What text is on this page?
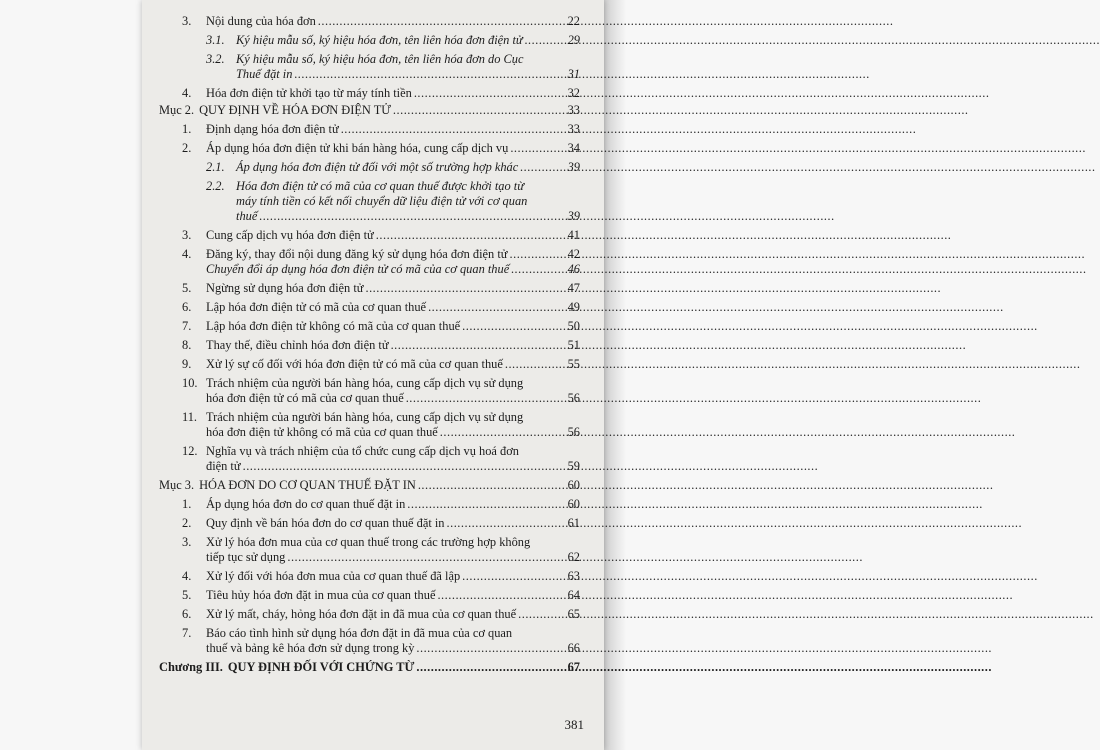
3. Nội dung của hóa đơn .....	22
3.1. Ký hiệu mẫu số, ký hiệu hóa đơn, tên liên hóa đơn điện tử .....	29
3.2. Ký hiệu mẫu số, ký hiệu hóa đơn, tên liên hóa đơn do Cục
Thuế đặt in .....	31
4. Hóa đơn điện tử khởi tạo từ máy tính tiền .....	32
Mục 2. QUY ĐỊNH VỀ HÓA ĐƠN ĐIỆN TỬ .....	33
1. Định dạng hóa đơn điện tử .....	33
2. Áp dụng hóa đơn điện tử khi bán hàng hóa, cung cấp dịch vụ .....	34
2.1. Áp dụng hóa đơn điện tử đối với một số trường hợp khác .....	39
2.2. Hóa đơn điện tử có mã của cơ quan thuế được khởi tạo từ
máy tính tiền có kết nối chuyển dữ liệu điện tử với cơ quan
thuế .....	39
3. Cung cấp dịch vụ hóa đơn điện tử .....	41
4. Đăng ký, thay đổi nội dung đăng ký sử dụng hóa đơn điện tử .....	42
Chuyển đổi áp dụng hóa đơn điện tử có mã của cơ quan thuế .....	46
5. Ngừng sử dụng hóa đơn điện tử .....	47
6. Lập hóa đơn điện tử có mã của cơ quan thuế .....	49
7. Lập hóa đơn điện tử không có mã của cơ quan thuế .....	50
8. Thay thế, điều chỉnh hóa đơn điện tử .....	51
9. Xử lý sự cố đối với hóa đơn điện tử có mã của cơ quan thuế .....	55
10. Trách nhiệm của người bán hàng hóa, cung cấp dịch vụ sử dụng
hóa đơn điện tử có mã của cơ quan thuế .....	56
11. Trách nhiệm của người bán hàng hóa, cung cấp dịch vụ sử dụng
hóa đơn điện tử không có mã của cơ quan thuế .....	56
12. Nghĩa vụ và trách nhiệm của tổ chức cung cấp dịch vụ hoá đơn
điện tử .....	59
Mục 3. HÓA ĐƠN DO CƠ QUAN THUẾ ĐẶT IN .....	60
1. Áp dụng hóa đơn do cơ quan thuế đặt in .....	60
2. Quy định về bán hóa đơn do cơ quan thuế đặt in .....	61
3. Xử lý hóa đơn mua của cơ quan thuế trong các trường hợp không
tiếp tục sử dụng .....	62
4. Xử lý đối với hóa đơn mua của cơ quan thuế đã lập .....	63
5. Tiêu hủy hóa đơn đặt in mua của cơ quan thuế .....	64
6. Xử lý mất, cháy, hỏng hóa đơn đặt in đã mua của cơ quan thuế .....	65
7. Báo cáo tình hình sử dụng hóa đơn đặt in đã mua của cơ quan
thuế và bảng kê hóa đơn sử dụng trong kỳ .....	66
Chương III. QUY ĐỊNH ĐỐI VỚI CHỨNG TỪ .....	67
381
